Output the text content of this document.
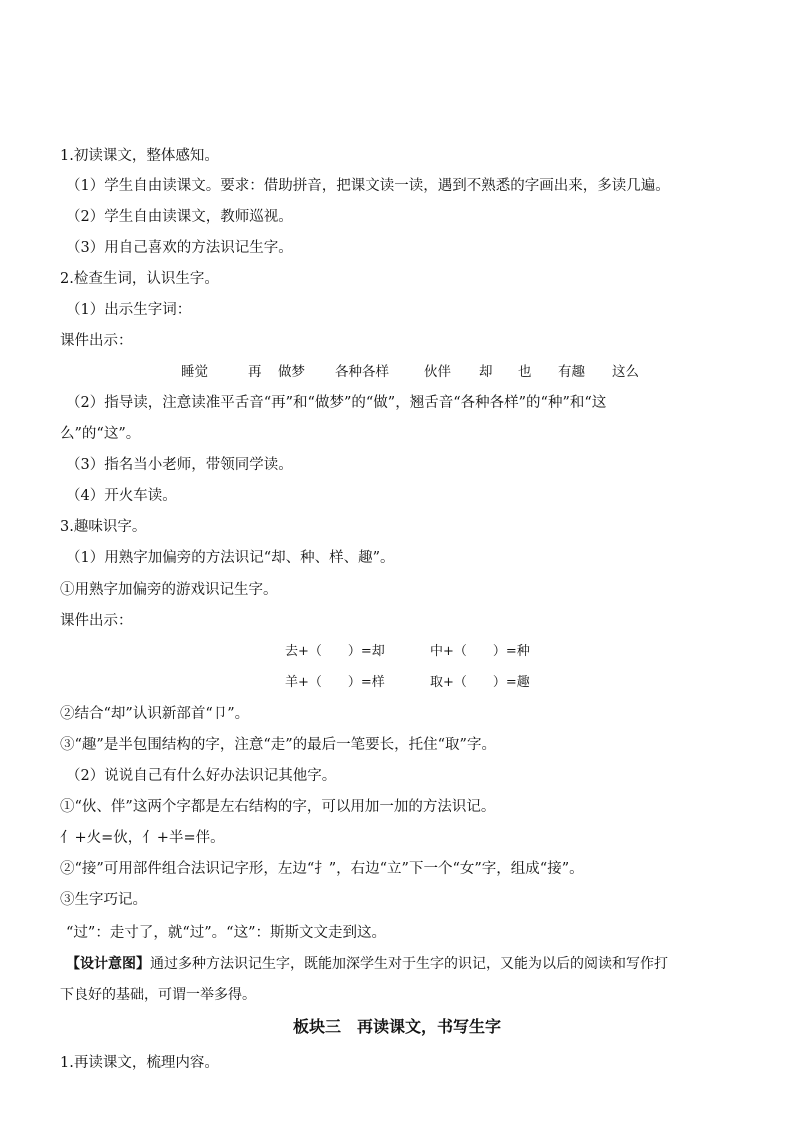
1.初读课文，整体感知。
（1）学生自由读课文。要求：借助拼音，把课文读一读，遇到不熟悉的字画出来，多读几遍。
（2）学生自由读课文，教师巡视。
（3）用自己喜欢的方法识记生字。
2.检查生词，认识生字。
（1）出示生字词：
课件出示：
睡觉	再 做梦 各种各样	伙伴 却 也 有趣 这么
（2）指导读，注意读准平舌音“再”和“做梦”的“做”，翘舌音“各种各样”的“种”和“这
么”的“这”。
（3）指名当小老师，带领同学读。
（4）开火车读。
3.趣味识字。
（1）用熟字加偏旁的方法识记“却、种、样、趣”。
①用熟字加偏旁的游戏识记生字。
课件出示：
去+（　　）=却	中+（　　）=种
羊+（　　）=样	取+（　　）=趣
②结合“却”认识新部首“卩”。
③“趣”是半包围结构的字，注意“走”的最后一笔要长，托住“取”字。
（2）说说自己有什么好办法识记其他字。
①“伙、伴”这两个字都是左右结构的字，可以用加一加的方法识记。
亻+火=伙，亻+半=伴。
②“接”可用部件组合法识记字形，左边“扌”，右边“立”下一个“女”字，组成“接”。
③生字巧记。
“过”：走寸了，就“过”。“这”：斯斯文文走到这。
【设计意图】通过多种方法识记生字，既能加深学生对于生字的识记，又能为以后的阅读和写作打
下良好的基础，可谓一举多得。
板块三　再读课文，书写生字
1.再读课文，梳理内容。
